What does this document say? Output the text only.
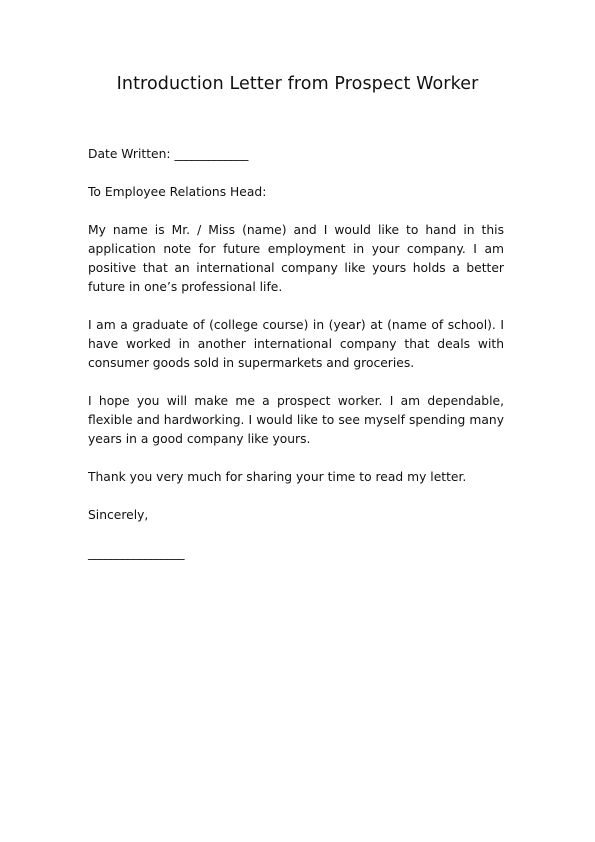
Introduction Letter from Prospect Worker

Date Written: _____________

To Employee Relations Head:

My name is Mr. / Miss (name) and I would like to hand in this application note for future employment in your company. I am positive that an international company like yours holds a better future in one’s professional life.

I am a graduate of (college course) in (year) at (name of school). I have worked in another international company that deals with consumer goods sold in supermarkets and groceries.

I hope you will make me a prospect worker. I am dependable, flexible and hardworking. I would like to see myself spending many years in a good company like yours.

Thank you very much for sharing your time to read my letter.

Sincerely,

_________________
